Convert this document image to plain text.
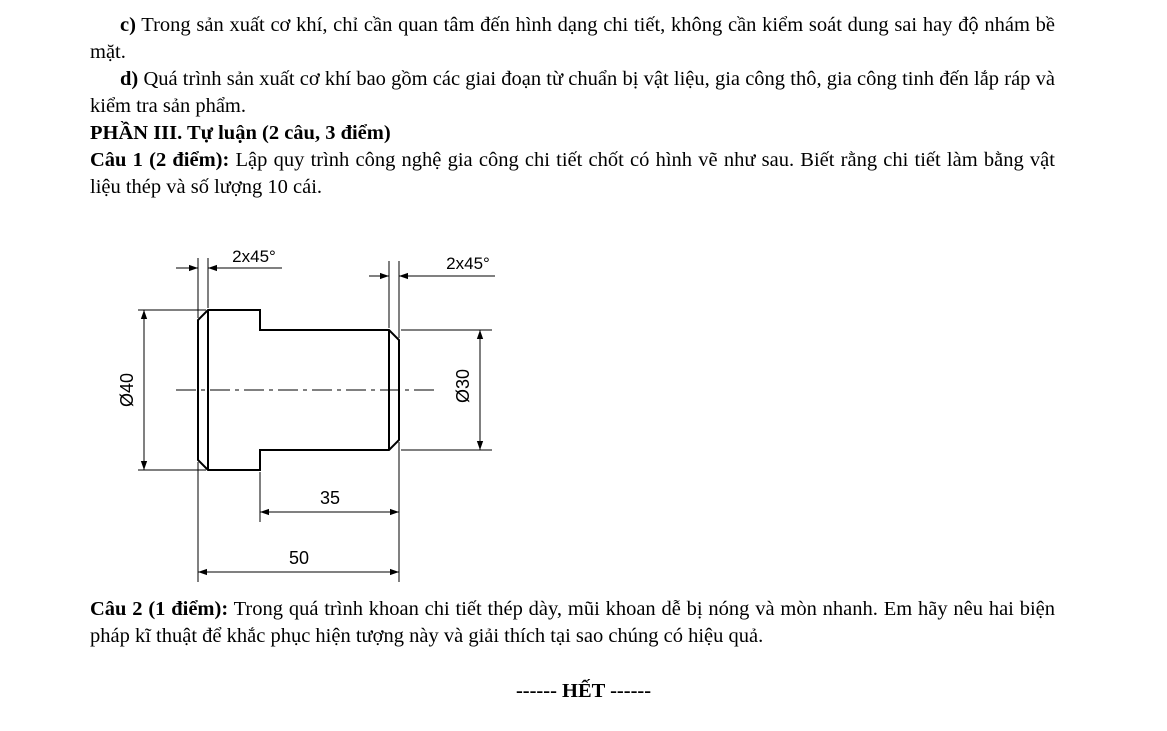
c) Trong sản xuất cơ khí, chỉ cần quan tâm đến hình dạng chi tiết, không cần kiểm soát dung sai hay độ nhám bề mặt.
d) Quá trình sản xuất cơ khí bao gồm các giai đoạn từ chuẩn bị vật liệu, gia công thô, gia công tinh đến lắp ráp và kiểm tra sản phẩm.
PHẦN III. Tự luận (2 câu, 3 điểm)
Câu 1 (2 điểm): Lập quy trình công nghệ gia công chi tiết chốt có hình vẽ như sau. Biết rằng chi tiết làm bằng vật liệu thép và số lượng 10 cái.
2x45°	2x45°
Ø40	Ø30
35
50
Câu 2 (1 điểm): Trong quá trình khoan chi tiết thép dày, mũi khoan dễ bị nóng và mòn nhanh. Em hãy nêu hai biện pháp kĩ thuật để khắc phục hiện tượng này và giải thích tại sao chúng có hiệu quả.
------ HẾT ------
